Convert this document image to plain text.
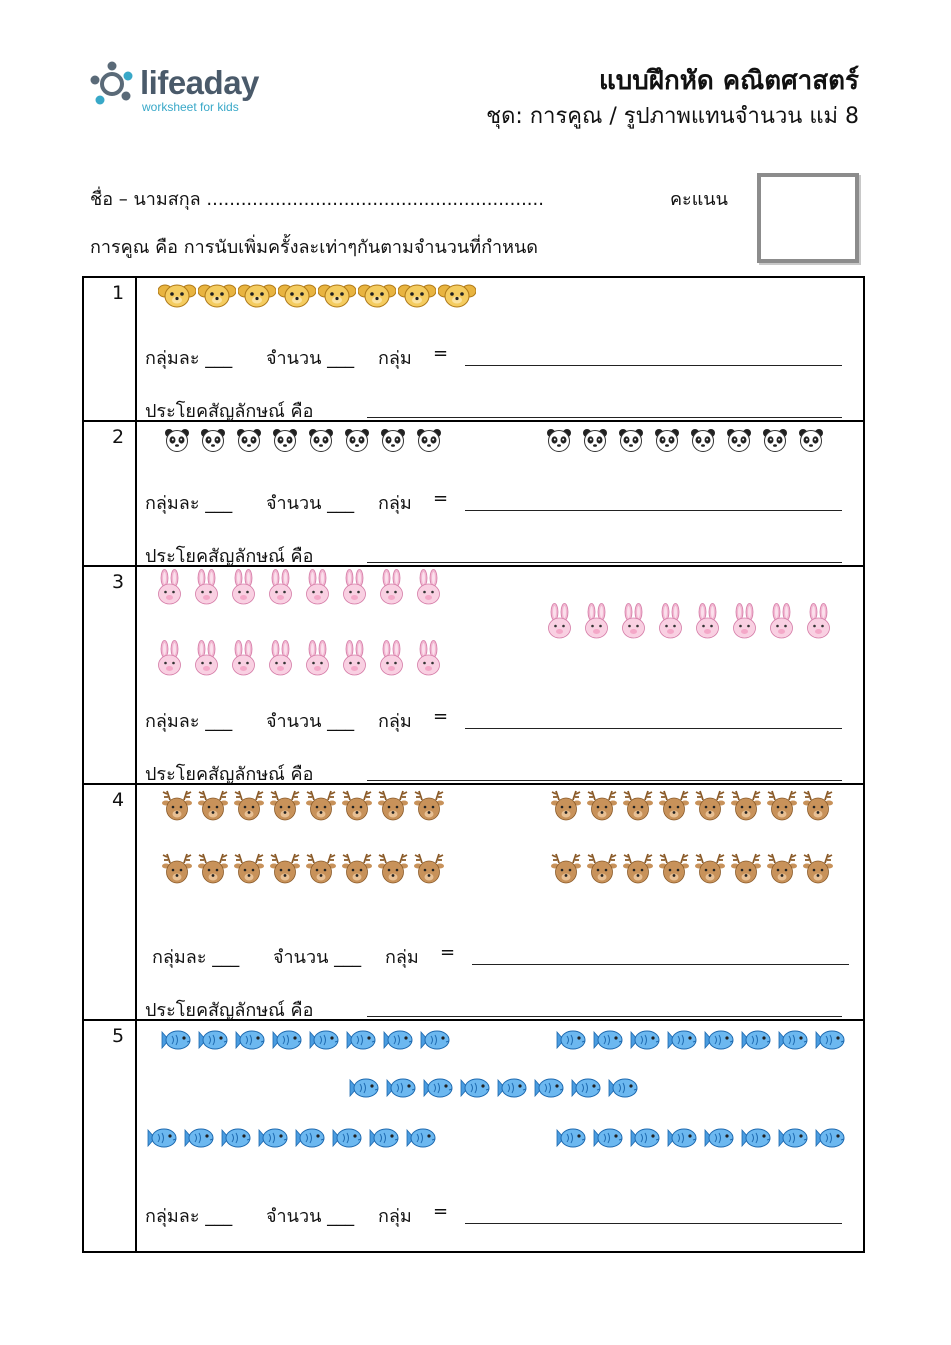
lifeaday
worksheet for kids
แบบฝึกหัด คณิตศาสตร์
ชุด: การคูณ / รูปภาพแทนจำนวน แม่ 8
ชื่อ – นามสกุล ...........................................................	คะแนน
การคูณ คือ การนับเพิ่มครั้งละเท่าๆกันตามจำนวนที่กำหนด
1
2
3
4
5
กลุ่มละ ___ จำนวน ___ กลุ่ม =
ประโยคสัญลักษณ์ คือ
กลุ่มละ ___ จำนวน ___ กลุ่ม =
ประโยคสัญลักษณ์ คือ
กลุ่มละ ___ จำนวน ___ กลุ่ม =
ประโยคสัญลักษณ์ คือ
กลุ่มละ ___ จำนวน ___ กลุ่ม =
ประโยคสัญลักษณ์ คือ
กลุ่มละ ___ จำนวน ___ กลุ่ม =
